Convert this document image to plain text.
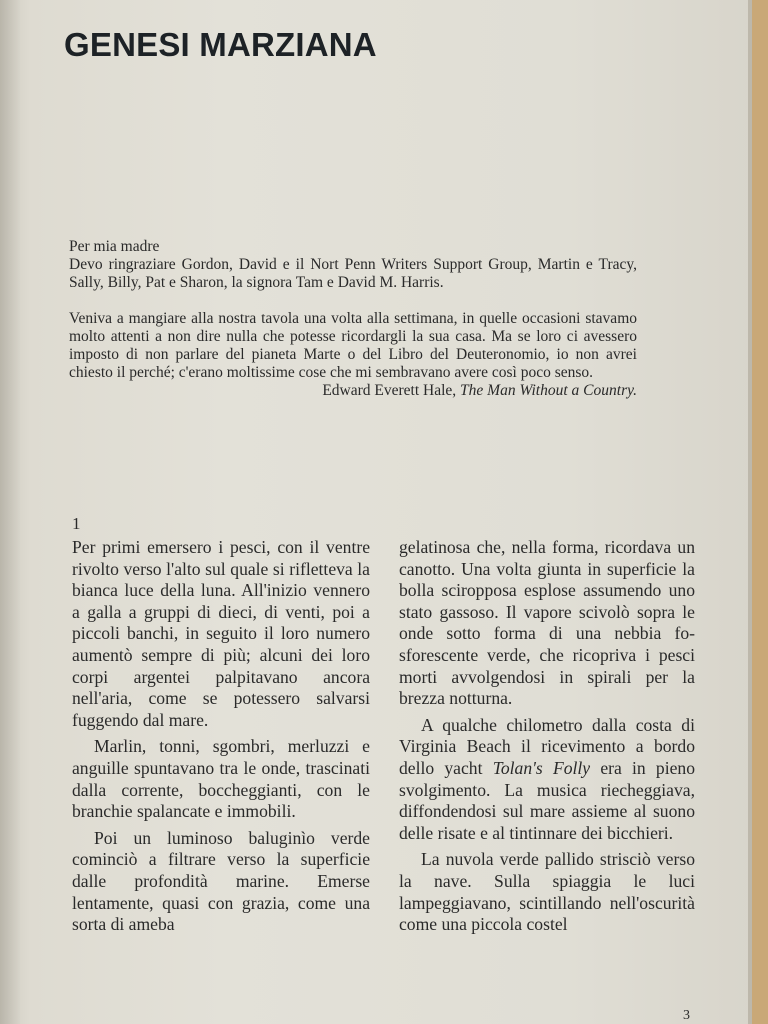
GENESI MARZIANA

Per mia madre

Devo ringraziare Gordon, David e il Nort Penn Writers Support Group, Martin e Tracy, Sally, Billy, Pat e Sharon, la signora Tam e David M. Harris.

Veniva a mangiare alla nostra tavola una volta alla settimana, in quelle occasioni stavamo molto attenti a non dire nulla che potesse ricordargli la sua casa. Ma se loro ci avessero imposto di non parlare del pianeta Marte o del Libro del Deuteronomio, io non avrei chiesto il perché; c'erano moltissime cose che mi sembravano avere così poco senso.

Edward Everett Hale, The Man Without a Country.

1

Per primi emersero i pesci, con il ventre rivolto verso l'alto sul quale si rifletteva la bianca luce della luna. All'inizio vennero a galla a gruppi di dieci, di venti, poi a piccoli banchi, in seguito il loro numero aumentò sempre di più; alcuni dei loro corpi argentei palpitavano ancora nell'aria, come se potessero salvarsi fuggendo dal mare.

Marlin, tonni, sgombri, merluzzi e anguille spuntavano tra le onde, trascinati dalla corrente, boccheggianti, con le branchie spalancate e immobili.

Poi un luminoso baluginìo verde cominciò a filtrare verso la superficie dalle profondità marine. Emerse lentamente, quasi con grazia, come una sorta di ameba

gelatinosa che, nella forma, ricordava un canotto. Una volta giunta in superficie la bolla sciropposa esplose assumendo uno stato gassoso. Il vapore scivolò sopra le onde sotto forma di una nebbia fosforescente verde, che ricopriva i pesci morti avvolgendosi in spirali per la brezza notturna.

A qualche chilometro dalla costa di Virginia Beach il ricevimento a bordo dello yacht Tolan's Folly era in pieno svolgimento. La musica riecheggiava, diffondendosi sul mare assieme al suono delle risate e al tintinnare dei bicchieri.

La nuvola verde pallido strisciò verso la nave. Sulla spiaggia le luci lampeggiavano, scintillando nell'oscurità come una piccola costel

3
